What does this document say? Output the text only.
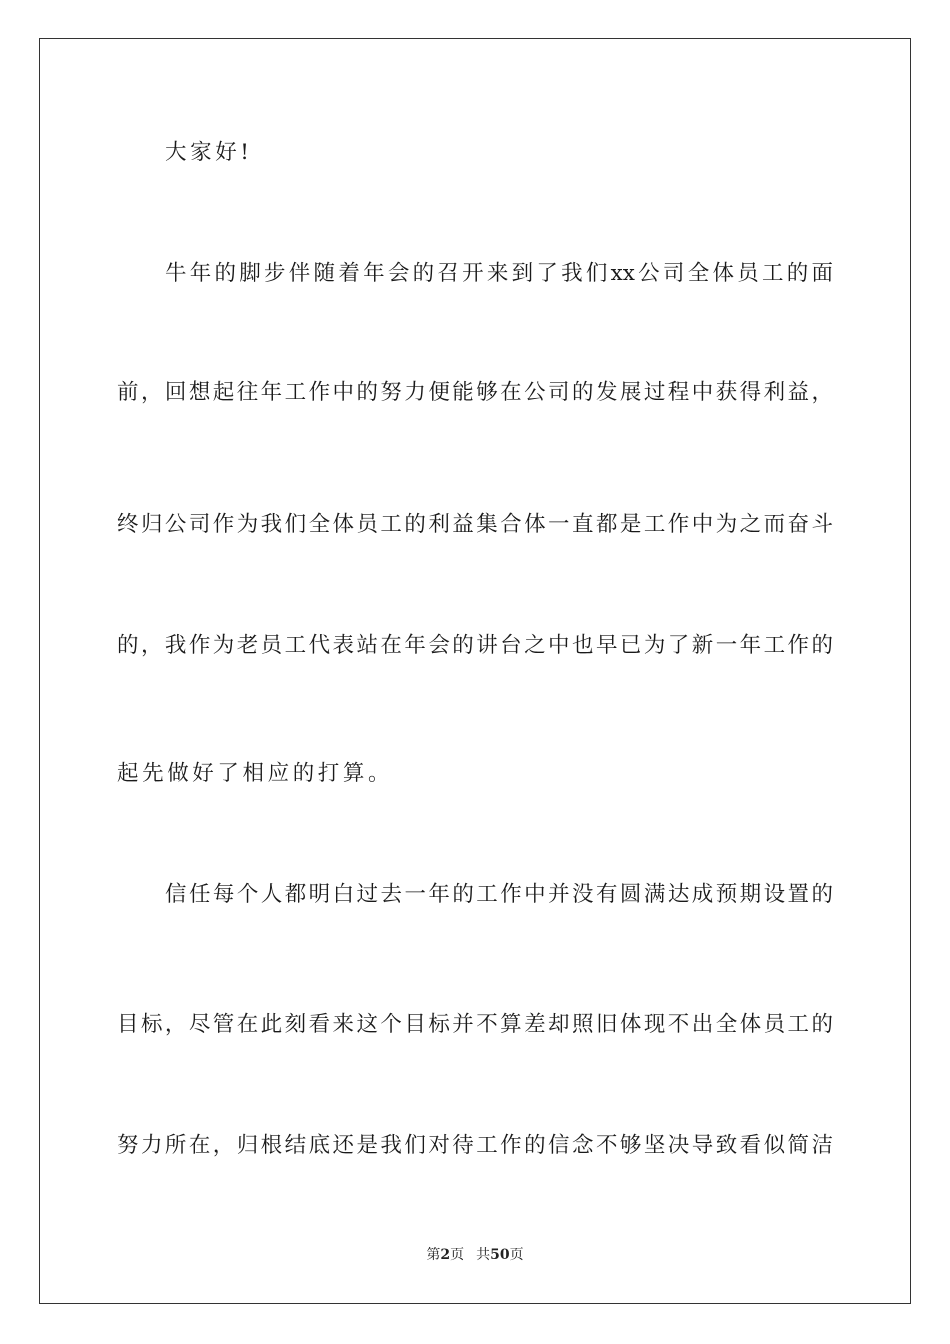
大家好!
牛年的脚步伴随着年会的召开来到了我们xx公司全体员工的面
前，回想起往年工作中的努力便能够在公司的发展过程中获得利益，
终归公司作为我们全体员工的利益集合体一直都是工作中为之而奋斗
的，我作为老员工代表站在年会的讲台之中也早已为了新一年工作的
起先做好了相应的打算。
信任每个人都明白过去一年的工作中并没有圆满达成预期设置的
目标，尽管在此刻看来这个目标并不算差却照旧体现不出全体员工的
努力所在，归根结底还是我们对待工作的信念不够坚决导致看似简洁
第2页 共50页
